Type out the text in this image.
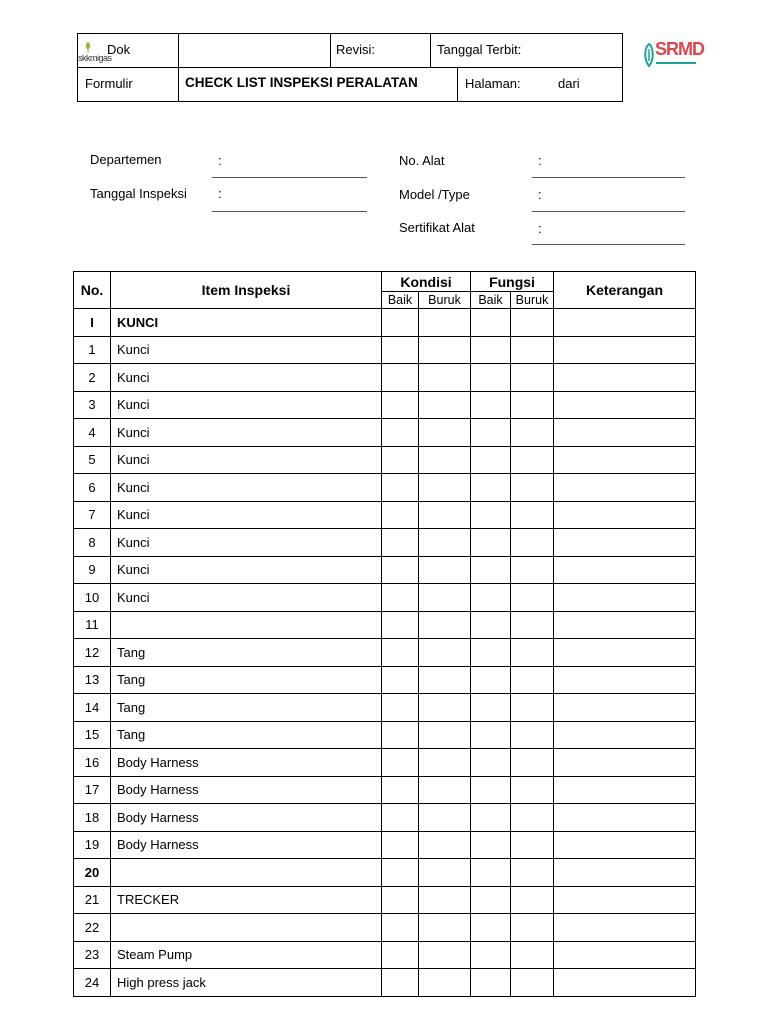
Dok	Revisi:	Tanggal Terbit:
Formulir	CHECK LIST INSPEKSI PERALATAN	Halaman:	dari
skkmigas	SRMD
Departemen	:
Tanggal Inspeksi :
No. Alat	:
Model /Type	:
Sertifikat Alat	:
No.	Item Inspeksi	Kondisi		Fungsi		Keterangan
		Baik	Buruk	Baik	Buruk	
I	KUNCI					
1	Kunci					
2	Kunci					
3	Kunci					
4	Kunci					
5	Kunci					
6	Kunci					
7	Kunci					
8	Kunci					
9	Kunci					
10	Kunci					
11						
12	Tang					
13	Tang					
14	Tang					
15	Tang					
16	Body Harness					
17	Body Harness					
18	Body Harness					
19	Body Harness					
20						
21	TRECKER					
22						
23	Steam Pump					
24	High press jack					
